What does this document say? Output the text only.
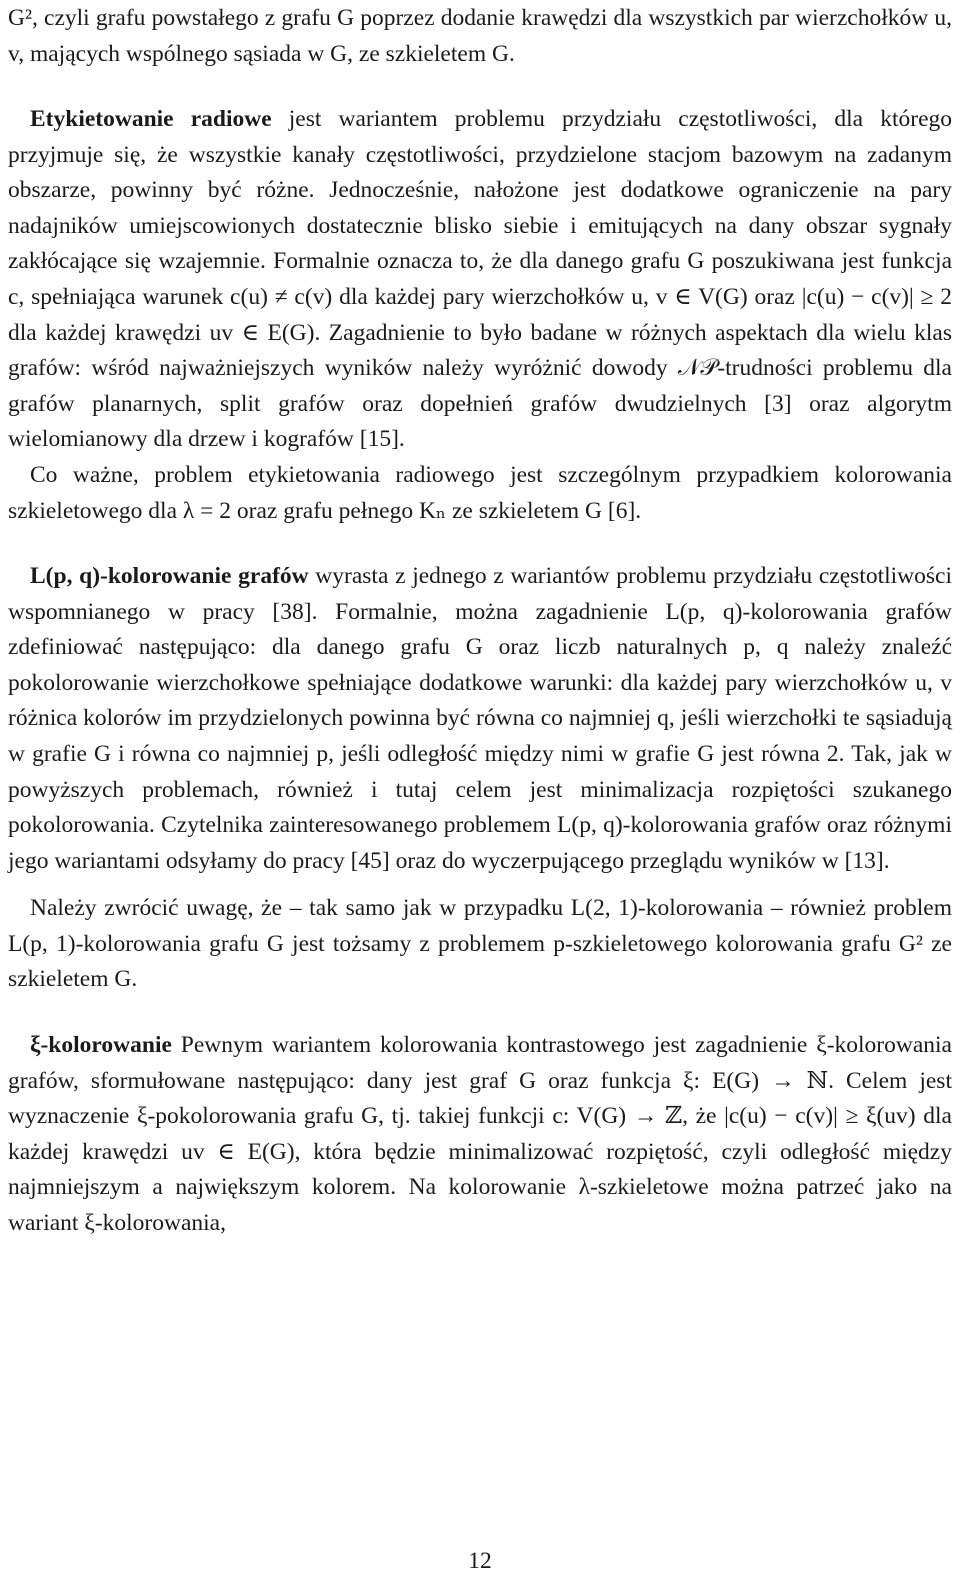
G², czyli grafu powstałego z grafu G poprzez dodanie krawędzi dla wszystkich par wierzchołków u, v, mających wspólnego sąsiada w G, ze szkieletem G.

Etykietowanie radiowe jest wariantem problemu przydziału częstotliwości, dla którego przyjmuje się, że wszystkie kanały częstotliwości, przydzielone stacjom bazowym na zadanym obszarze, powinny być różne. Jednocześnie, nałożone jest dodatkowe ograniczenie na pary nadajników umiejscowionych dostatecznie blisko siebie i emitujących na dany obszar sygnały zakłócające się wzajemnie. Formalnie oznacza to, że dla danego grafu G poszukiwana jest funkcja c, spełniająca warunek c(u) ≠ c(v) dla każdej pary wierzchołków u, v ∈ V(G) oraz |c(u) − c(v)| ≥ 2 dla każdej krawędzi uv ∈ E(G). Zagadnienie to było badane w różnych aspektach dla wielu klas grafów: wśród najważniejszych wyników należy wyróżnić dowody 𝒩𝒫-trudności problemu dla grafów planarnych, split grafów oraz dopełnień grafów dwudzielnych [3] oraz algorytm wielomianowy dla drzew i kografów [15].

Co ważne, problem etykietowania radiowego jest szczególnym przypadkiem kolorowania szkieletowego dla λ = 2 oraz grafu pełnego Kₙ ze szkieletem G [6].

L(p, q)-kolorowanie grafów wyrasta z jednego z wariantów problemu przydziału częstotliwości wspomnianego w pracy [38]. Formalnie, można zagadnienie L(p, q)-kolorowania grafów zdefiniować następująco: dla danego grafu G oraz liczb naturalnych p, q należy znaleźć pokolorowanie wierzchołkowe spełniające dodatkowe warunki: dla każdej pary wierzchołków u, v różnica kolorów im przydzielonych powinna być równa co najmniej q, jeśli wierzchołki te sąsiadują w grafie G i równa co najmniej p, jeśli odległość między nimi w grafie G jest równa 2. Tak, jak w powyższych problemach, również i tutaj celem jest minimalizacja rozpiętości szukanego pokolorowania. Czytelnika zainteresowanego problemem L(p, q)-kolorowania grafów oraz różnymi jego wariantami odsyłamy do pracy [45] oraz do wyczerpującego przeglądu wyników w [13].

Należy zwrócić uwagę, że – tak samo jak w przypadku L(2, 1)-kolorowania – również problem L(p, 1)-kolorowania grafu G jest tożsamy z problemem p-szkieletowego kolorowania grafu G² ze szkieletem G.

ξ-kolorowanie Pewnym wariantem kolorowania kontrastowego jest zagadnienie ξ-kolorowania grafów, sformułowane następująco: dany jest graf G oraz funkcja ξ: E(G) → ℕ. Celem jest wyznaczenie ξ-pokolorowania grafu G, tj. takiej funkcji c: V(G) → ℤ, że |c(u) − c(v)| ≥ ξ(uv) dla każdej krawędzi uv ∈ E(G), która będzie minimalizować rozpiętość, czyli odległość między najmniejszym a największym kolorem. Na kolorowanie λ-szkieletowe można patrzeć jako na wariant ξ-kolorowania,

12
